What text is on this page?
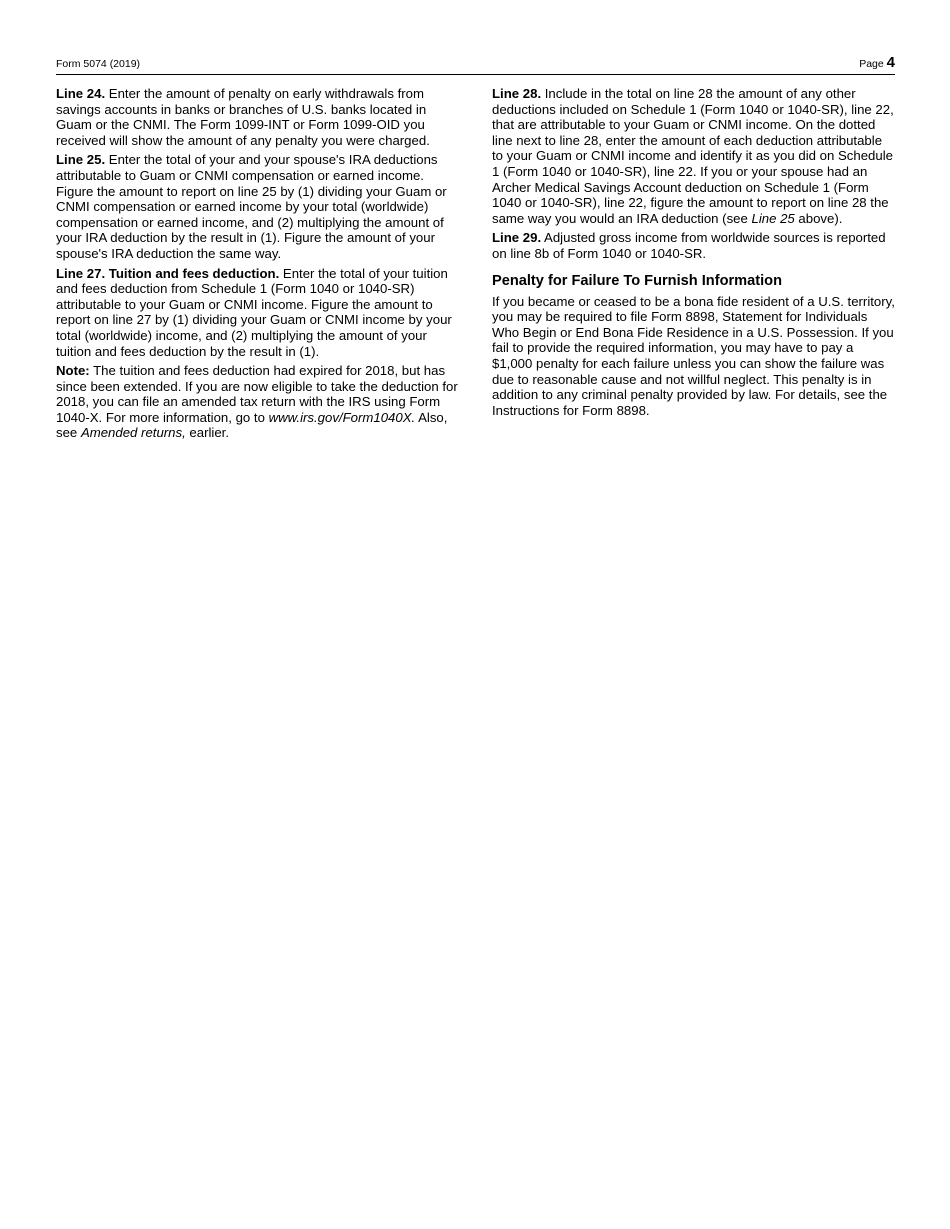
Form 5074 (2019)	Page 4

Line 24. Enter the amount of penalty on early withdrawals from savings accounts in banks or branches of U.S. banks located in Guam or the CNMI. The Form 1099-INT or Form 1099-OID you received will show the amount of any penalty you were charged.

Line 25. Enter the total of your and your spouse's IRA deductions attributable to Guam or CNMI compensation or earned income. Figure the amount to report on line 25 by (1) dividing your Guam or CNMI compensation or earned income by your total (worldwide) compensation or earned income, and (2) multiplying the amount of your IRA deduction by the result in (1). Figure the amount of your spouse's IRA deduction the same way.

Line 27. Tuition and fees deduction. Enter the total of your tuition and fees deduction from Schedule 1 (Form 1040 or 1040-SR) attributable to your Guam or CNMI income. Figure the amount to report on line 27 by (1) dividing your Guam or CNMI income by your total (worldwide) income, and (2) multiplying the amount of your tuition and fees deduction by the result in (1).

Note: The tuition and fees deduction had expired for 2018, but has since been extended. If you are now eligible to take the deduction for 2018, you can file an amended tax return with the IRS using Form 1040-X. For more information, go to www.irs.gov/Form1040X. Also, see Amended returns, earlier.

Line 28. Include in the total on line 28 the amount of any other deductions included on Schedule 1 (Form 1040 or 1040-SR), line 22, that are attributable to your Guam or CNMI income. On the dotted line next to line 28, enter the amount of each deduction attributable to your Guam or CNMI income and identify it as you did on Schedule 1 (Form 1040 or 1040-SR), line 22. If you or your spouse had an Archer Medical Savings Account deduction on Schedule 1 (Form 1040 or 1040-SR), line 22, figure the amount to report on line 28 the same way you would an IRA deduction (see Line 25 above).

Line 29. Adjusted gross income from worldwide sources is reported on line 8b of Form 1040 or 1040-SR.

Penalty for Failure To Furnish Information

If you became or ceased to be a bona fide resident of a U.S. territory, you may be required to file Form 8898, Statement for Individuals Who Begin or End Bona Fide Residence in a U.S. Possession. If you fail to provide the required information, you may have to pay a $1,000 penalty for each failure unless you can show the failure was due to reasonable cause and not willful neglect. This penalty is in addition to any criminal penalty provided by law. For details, see the Instructions for Form 8898.
